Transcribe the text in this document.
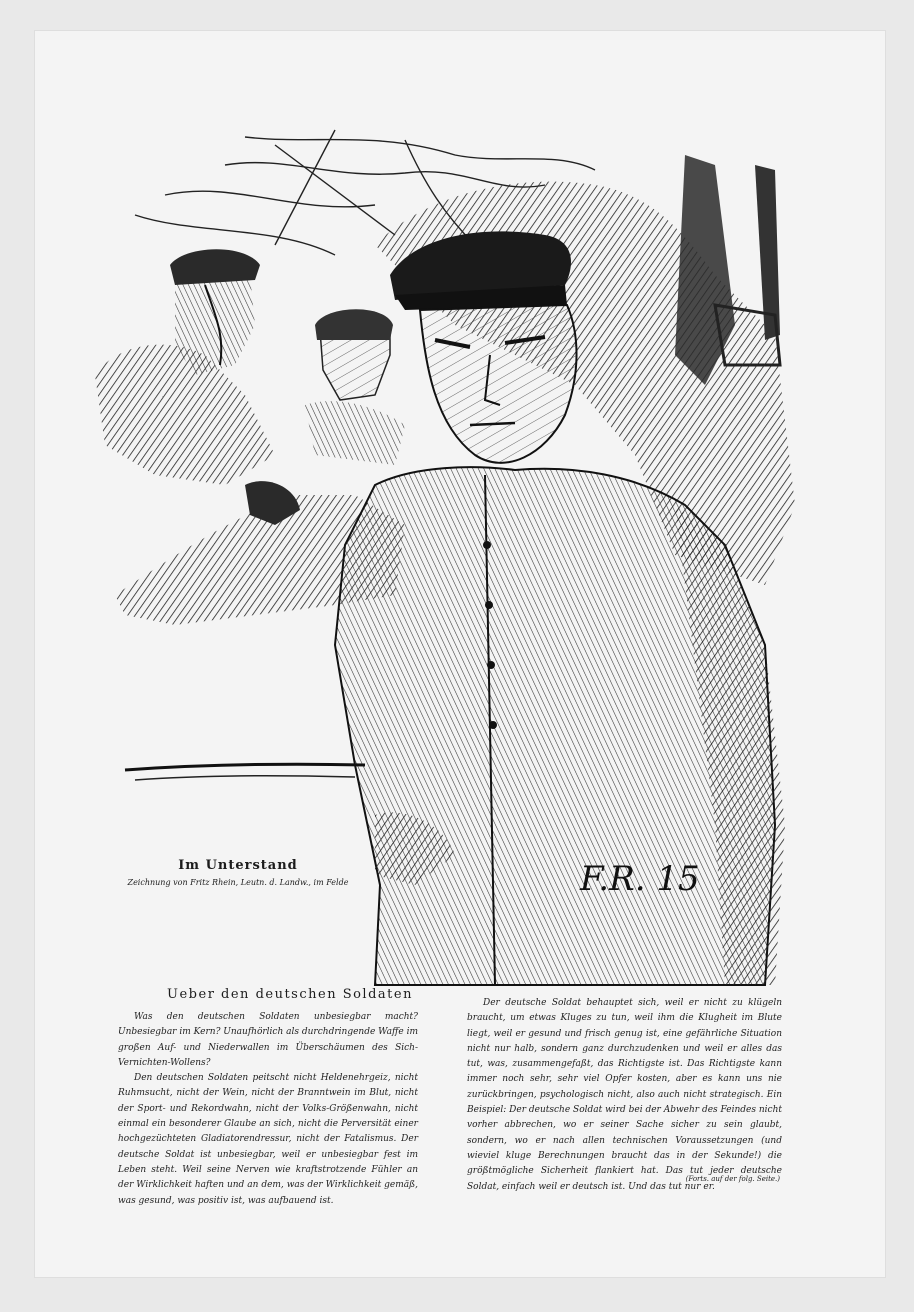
F.R. 15
Im Unterstand
Zeichnung von Fritz Rhein, Leutn. d. Landw., im Felde
Ueber den deutschen Soldaten

Was den deutschen Soldaten unbesiegbar macht? Unbesiegbar im Kern? Unaufhörlich als durchdringende Waffe im großen Auf- und Niederwallen im Überschäumen des Sich-Vernichten-Wollens?

Den deutschen Soldaten peitscht nicht Heldenehrgeiz, nicht Ruhmsucht, nicht der Wein, nicht der Branntwein im Blut, nicht der Sport- und Rekordwahn, nicht der Volks-Größenwahn, nicht einmal ein besonderer Glaube an sich, nicht die Perversität einer hochgezüchteten Gladiatorendressur, nicht der Fatalismus. Der deutsche Soldat ist unbesiegbar, weil er unbesiegbar fest im Leben steht. Weil seine Nerven wie kraftstrotzende Fühler an der Wirklichkeit haften und an dem, was der Wirklichkeit gemäß, was gesund, was positiv ist, was aufbauend ist.

Der deutsche Soldat behauptet sich, weil er nicht zu klügeln braucht, um etwas Kluges zu tun, weil ihm die Klugheit im Blute liegt, weil er gesund und frisch genug ist, eine gefährliche Situation nicht nur halb, sondern ganz durchzudenken und weil er alles das tut, was, zusammengefaßt, das Richtigste ist. Das Richtigste kann immer noch sehr, sehr viel Opfer kosten, aber es kann uns nie zurückbringen, psychologisch nicht, also auch nicht strategisch. Ein Beispiel: Der deutsche Soldat wird bei der Abwehr des Feindes nicht vorher abbrechen, wo er seiner Sache sicher zu sein glaubt, sondern, wo er nach allen technischen Voraussetzungen (und wieviel kluge Berechnungen braucht das in der Sekunde!) die größtmögliche Sicherheit flankiert hat. Das tut jeder deutsche Soldat, einfach weil er deutsch ist. Und das tut nur er.

(Forts. auf der folg. Seite.)
